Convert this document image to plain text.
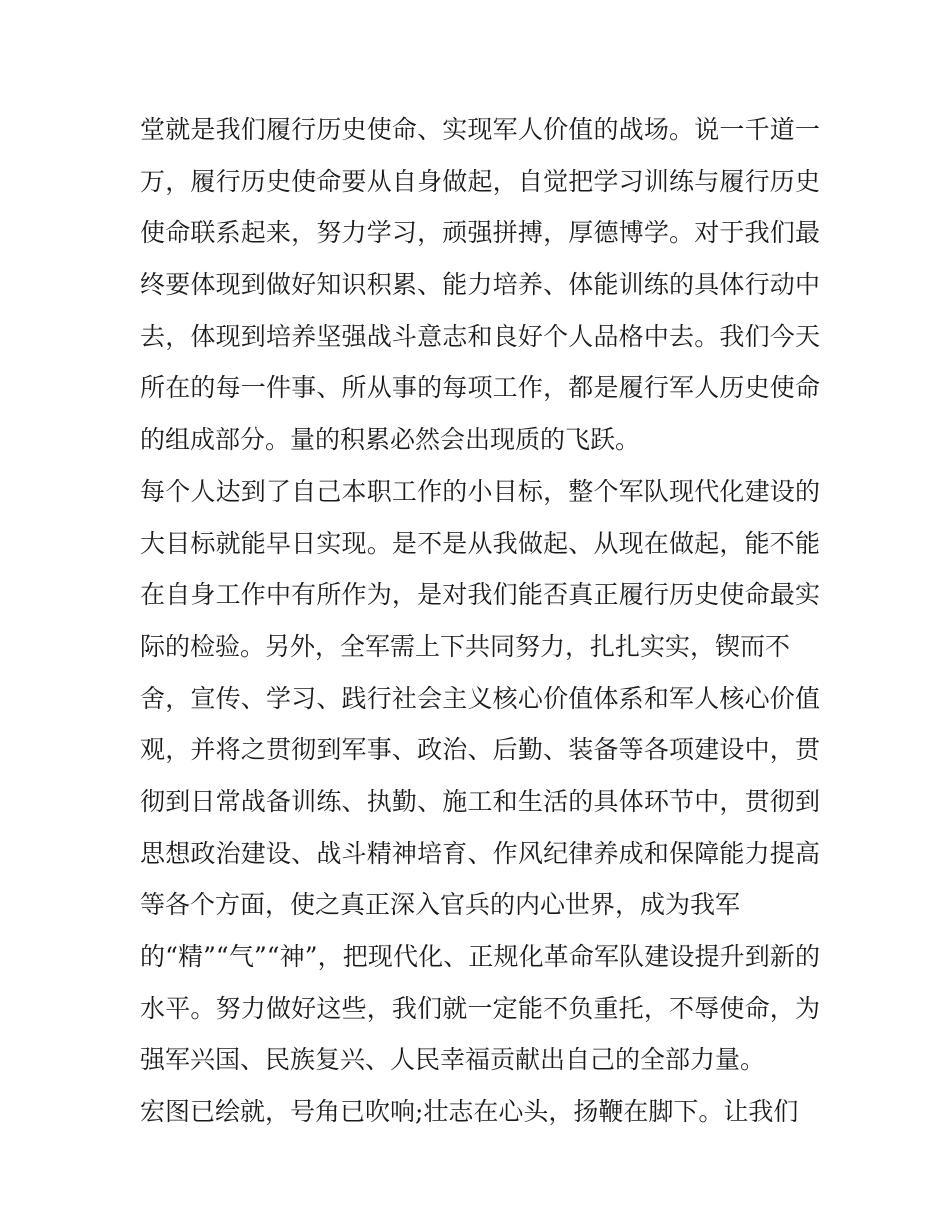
堂就是我们履行历史使命、实现军人价值的战场。说一千道一
万，履行历史使命要从自身做起，自觉把学习训练与履行历史
使命联系起来，努力学习，顽强拼搏，厚德博学。对于我们最
终要体现到做好知识积累、能力培养、体能训练的具体行动中
去，体现到培养坚强战斗意志和良好个人品格中去。我们今天
所在的每一件事、所从事的每项工作，都是履行军人历史使命
的组成部分。量的积累必然会出现质的飞跃。
每个人达到了自己本职工作的小目标，整个军队现代化建设的
大目标就能早日实现。是不是从我做起、从现在做起，能不能
在自身工作中有所作为，是对我们能否真正履行历史使命最实
际的检验。另外，全军需上下共同努力，扎扎实实，锲而不
舍，宣传、学习、践行社会主义核心价值体系和军人核心价值
观，并将之贯彻到军事、政治、后勤、装备等各项建设中，贯
彻到日常战备训练、执勤、施工和生活的具体环节中，贯彻到
思想政治建设、战斗精神培育、作风纪律养成和保障能力提高
等各个方面，使之真正深入官兵的内心世界，成为我军
的“精”“气”“神”，把现代化、正规化革命军队建设提升到新的
水平。努力做好这些，我们就一定能不负重托，不辱使命，为
强军兴国、民族复兴、人民幸福贡献出自己的全部力量。
宏图已绘就，号角已吹响;壮志在心头，扬鞭在脚下。让我们
